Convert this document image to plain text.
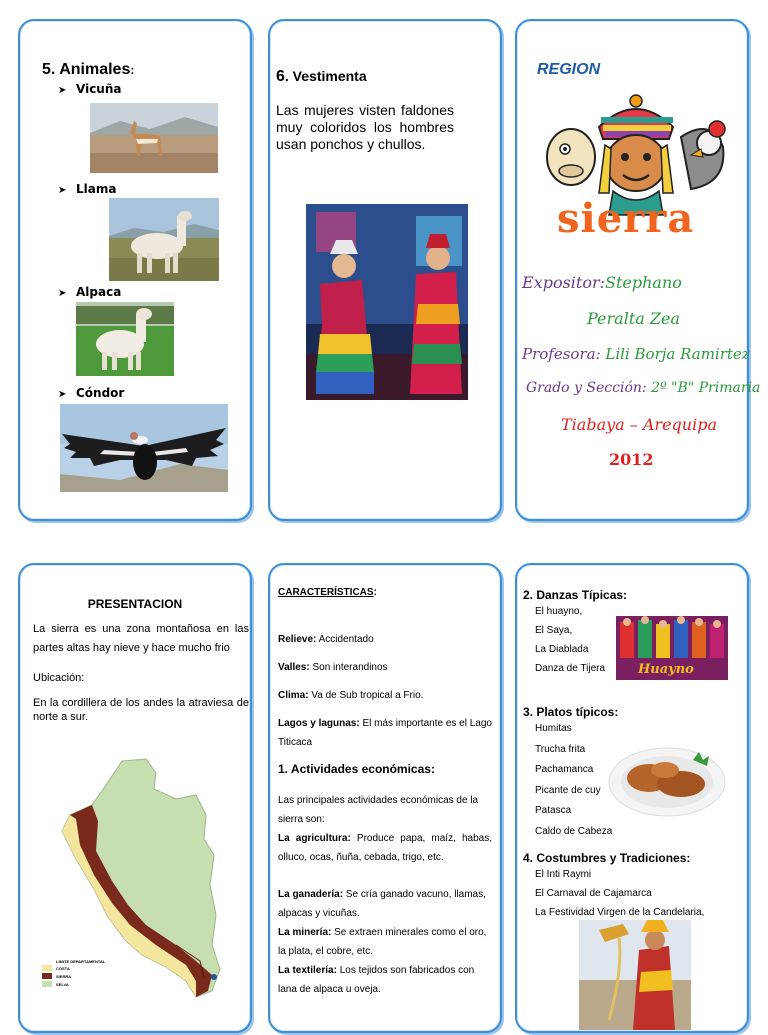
5. Animales:
➤ Vicuña
➤ Llama
➤ Alpaca
➤ Cóndor
6. Vestimenta
Las mujeres visten faldones muy coloridos los hombres usan ponchos y chullos.
REGION
sierra
Expositor:Stephano
Peralta Zea
Profesora: Lili Borja Ramirtez
Grado y Sección: 2º "B" Primaria
Tiabaya – Arequipa
2012
PRESENTACION
La sierra es una zona montañosa en las partes altas hay nieve y hace mucho frio
Ubicación:
En la cordillera de los andes la atraviesa de norte a sur.
LIMITE DEPARTAMENTAL
COSTA
SIERRA
SELVA
CARACTERÍSTICAS:
Relieve: Accidentado
Valles: Son interandinos
Clima: Va de Sub tropical a Frio.
Lagos y lagunas: El más importante es el Lago Titicaca
1. Actividades económicas:
Las principales actividades económicas de la sierra son:
La agricultura: Produce papa, maíz, habas, olluco, ocas, ñuña, cebada, trigo, etc.
La ganadería: Se cría ganado vacuno, llamas, alpacas y vicuñas.
La minería: Se extraen minerales como el oro, la plata, el cobre, etc.
La textilería: Los tejidos son fabricados con lana de alpaca u oveja.
2. Danzas Típicas:
El huayno,
El Saya,
La Diablada
Danza de Tijera	Huayno
3. Platos típicos:
Humitas
Trucha frita
Pachamanca
Picante de cuy
Patasca
Caldo de Cabeza
4. Costumbres y Tradiciones:
El Inti Raymi
El Carnaval de Cajamarca
La Festividad Virgen de la Candelaria,
